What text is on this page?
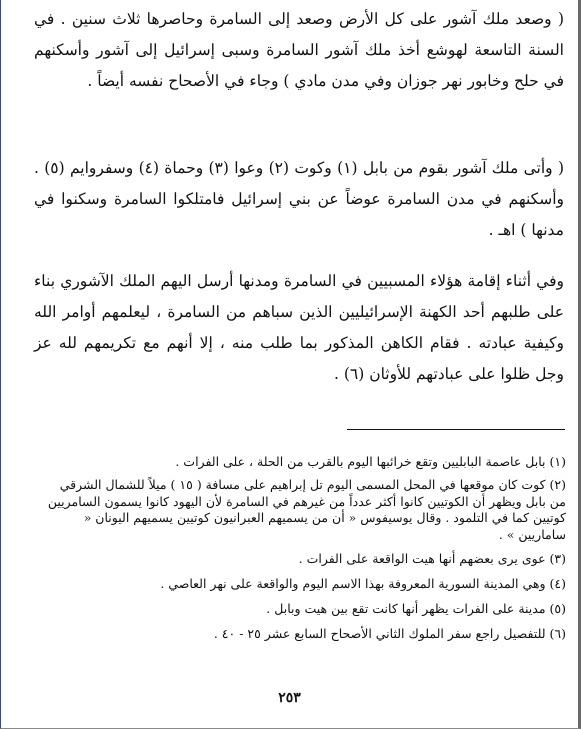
( وصعد ملك آشور على كل الأرض وصعد إلى السامرة وحاصرها ثلاث سنين . في السنة التاسعة لهوشع أخذ ملك آشور السامرة وسبى إسرائيل إلى آشور وأسكنهم في حلح وخابور نهر جوزان وفي مدن مادي ) وجاء في الأصحاح نفسه أيضاً .

( وأتى ملك آشور بقوم من بابل (١) وكوت (٢) وعوا (٣) وحماة (٤) وسفروايم (٥) . وأسكنهم في مدن السامرة عوضاً عن بني إسرائيل فامتلكوا السامرة وسكنوا في مدنها ) اهـ .

وفي أثناء إقامة هؤلاء المسبيين في السامرة ومدنها أرسل اليهم الملك الآشوري بناء على طلبهم أحد الكهنة الإسرائيليين الذين سباهم من السامرة ، ليعلمهم أوامر الله وكيفية عبادته . فقام الكاهن المذكور بما طلب منه ، إلا أنهم مع تكريمهم لله عز وجل ظلوا على عبادتهم للأوثان (٦) .

(١) بابل عاصمة البابليين وتقع خرائبها اليوم بالقرب من الحلة ، على الفرات .

(٢) كوت كان موقعها في المحل المسمى اليوم تل إبراهيم على مسافة ( ١٥ ) ميلاً للشمال الشرقي من بابل ويظهر أن الكوتيين كانوا أكثر عدداً من غيرهم في السامرة لأن اليهود كانوا يسمون السامريين كوتيين كما في التلمود . وقال يوسيفوس « أن من يسميهم العبرانيون كوتيين يسميهم اليونان « ساماريين » .

(٣) عوى يرى بعضهم أنها هيت الواقعة على الفرات .

(٤) وهي المدينة السورية المعروفة بهذا الاسم اليوم والواقعة على نهر العاصي .

(٥) مدينة على الفرات يظهر أنها كانت تقع بين هيت وبابل .

(٦) للتفصيل راجع سفر الملوك الثاني الأصحاح السابع عشر ٢٥ - ٤٠ .

٢٥٣
